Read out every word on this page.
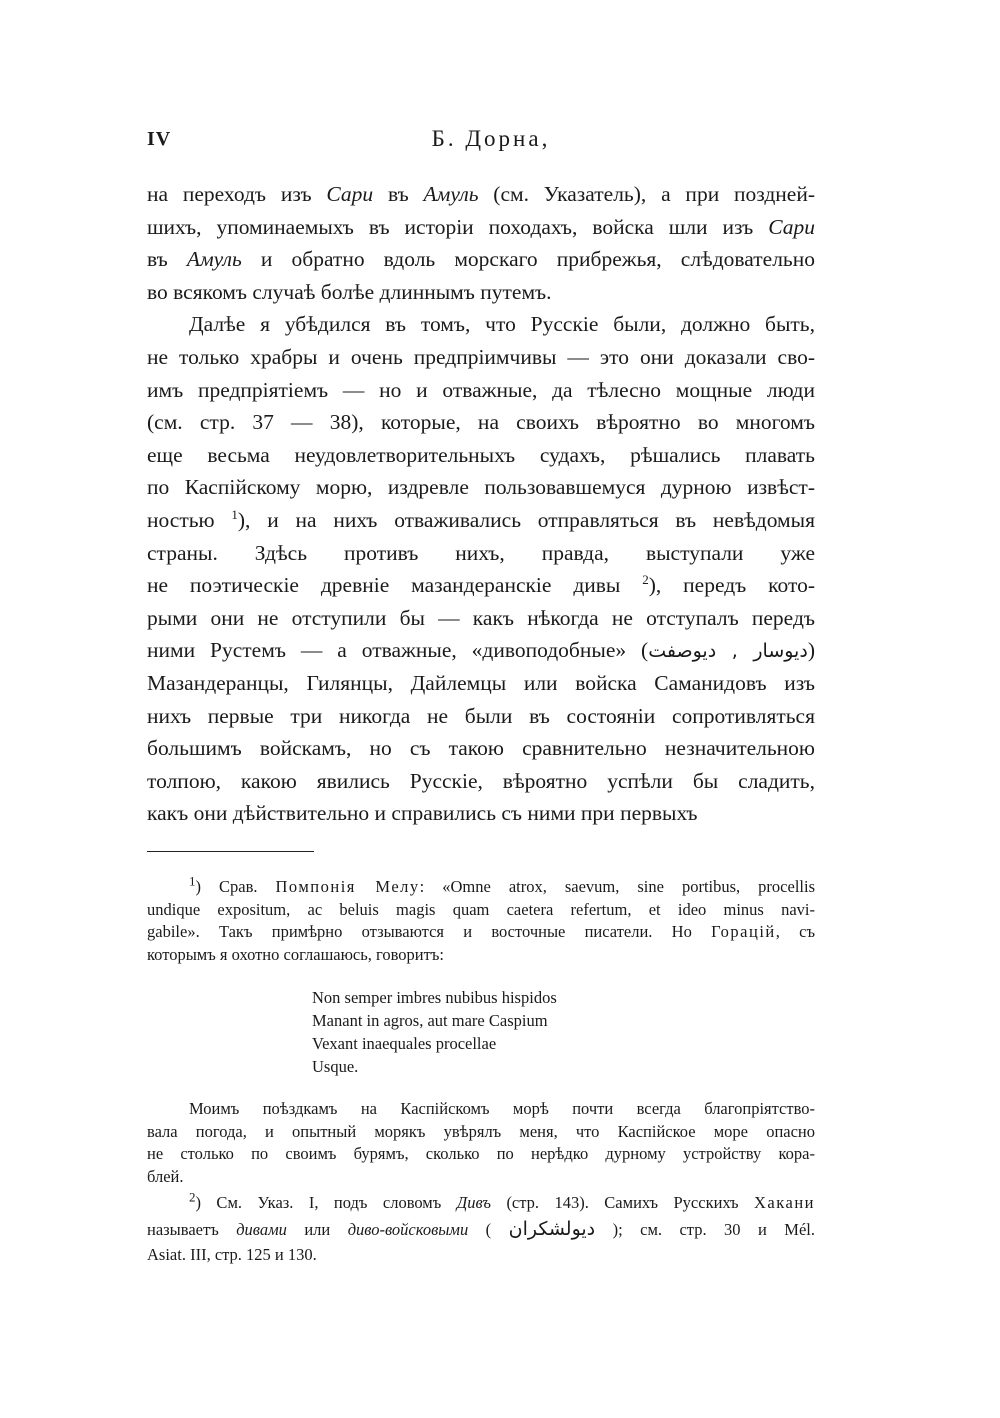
IV	Б. Дорна,
на переходъ изъ Сари въ Амуль (см. Указатель), а при поздней-
шихъ, упоминаемыхъ въ исторіи походахъ, войска шли изъ Сари
въ Амуль и обратно вдоль морскаго прибрежья, слѣдовательно
во всякомъ случаѣ болѣе длиннымъ путемъ.
Далѣе я убѣдился въ томъ, что Русскіе были, должно быть,
не только храбры и очень предпріимчивы — это они доказали сво-
имъ предпріятіемъ — но и отважные, да тѣлесно мощные люди
(см. стр. 37 — 38), которые, на своихъ вѣроятно во многомъ
еще весьма неудовлетворительныхъ судахъ, рѣшались плавать
по Каспійскому морю, издревле пользовавшемуся дурною извѣст-
ностью $^1$), и на нихъ отваживались отправляться въ невѣдомыя
страны. Здѣсь противъ нихъ, правда, выступали уже
не поэтическіе древніе мазандеранскіе дивы $^2$), передъ кото-
рыми они не отступили бы — какъ нѣкогда не отступалъ передъ
ними Рустемъ — а отважные, «дивоподобные» (دیوسار , دیوصفت)
Мазандеранцы, Гилянцы, Дайлемцы или войска Саманидовъ изъ
нихъ первые три никогда не были въ состояніи сопротивляться
большимъ войскамъ, но съ такою сравнительно незначительною
толпою, какою явились Русскіе, вѣроятно успѣли бы сладить,
какъ они дѣйствительно и справились съ ними при первыхъ
$^1$) Срав. Помпонія Мелу: «Omne atrox, saevum, sine portibus, procellis
undique expositum, ac beluis magis quam caetera refertum, et ideo minus navi-
gabile». Такъ примѣрно отзываются и восточные писатели. Но Горацій, съ
которымъ я охотно соглашаюсь, говоритъ:
Non semper imbres nubibus hispidos
Manant in agros, aut mare Caspium
Vexant inaequales procellae
Usque.
Моимъ поѣздкамъ на Каспійскомъ морѣ почти всегда благопріятство-
вала погода, и опытный морякъ увѣрялъ меня, что Каспійское море опасно
не столько по своимъ бурямъ, сколько по нерѣдко дурному устройству кора-
блей.
$^2$) См. Указ. I, подъ словомъ Дивъ (стр. 143). Самихъ Русскихъ Хакани
называетъ дивами или диво-войсковыми ( دیولشکران ); см. стр. 30 и Mél.
Asiat. III, стр. 125 и 130.
